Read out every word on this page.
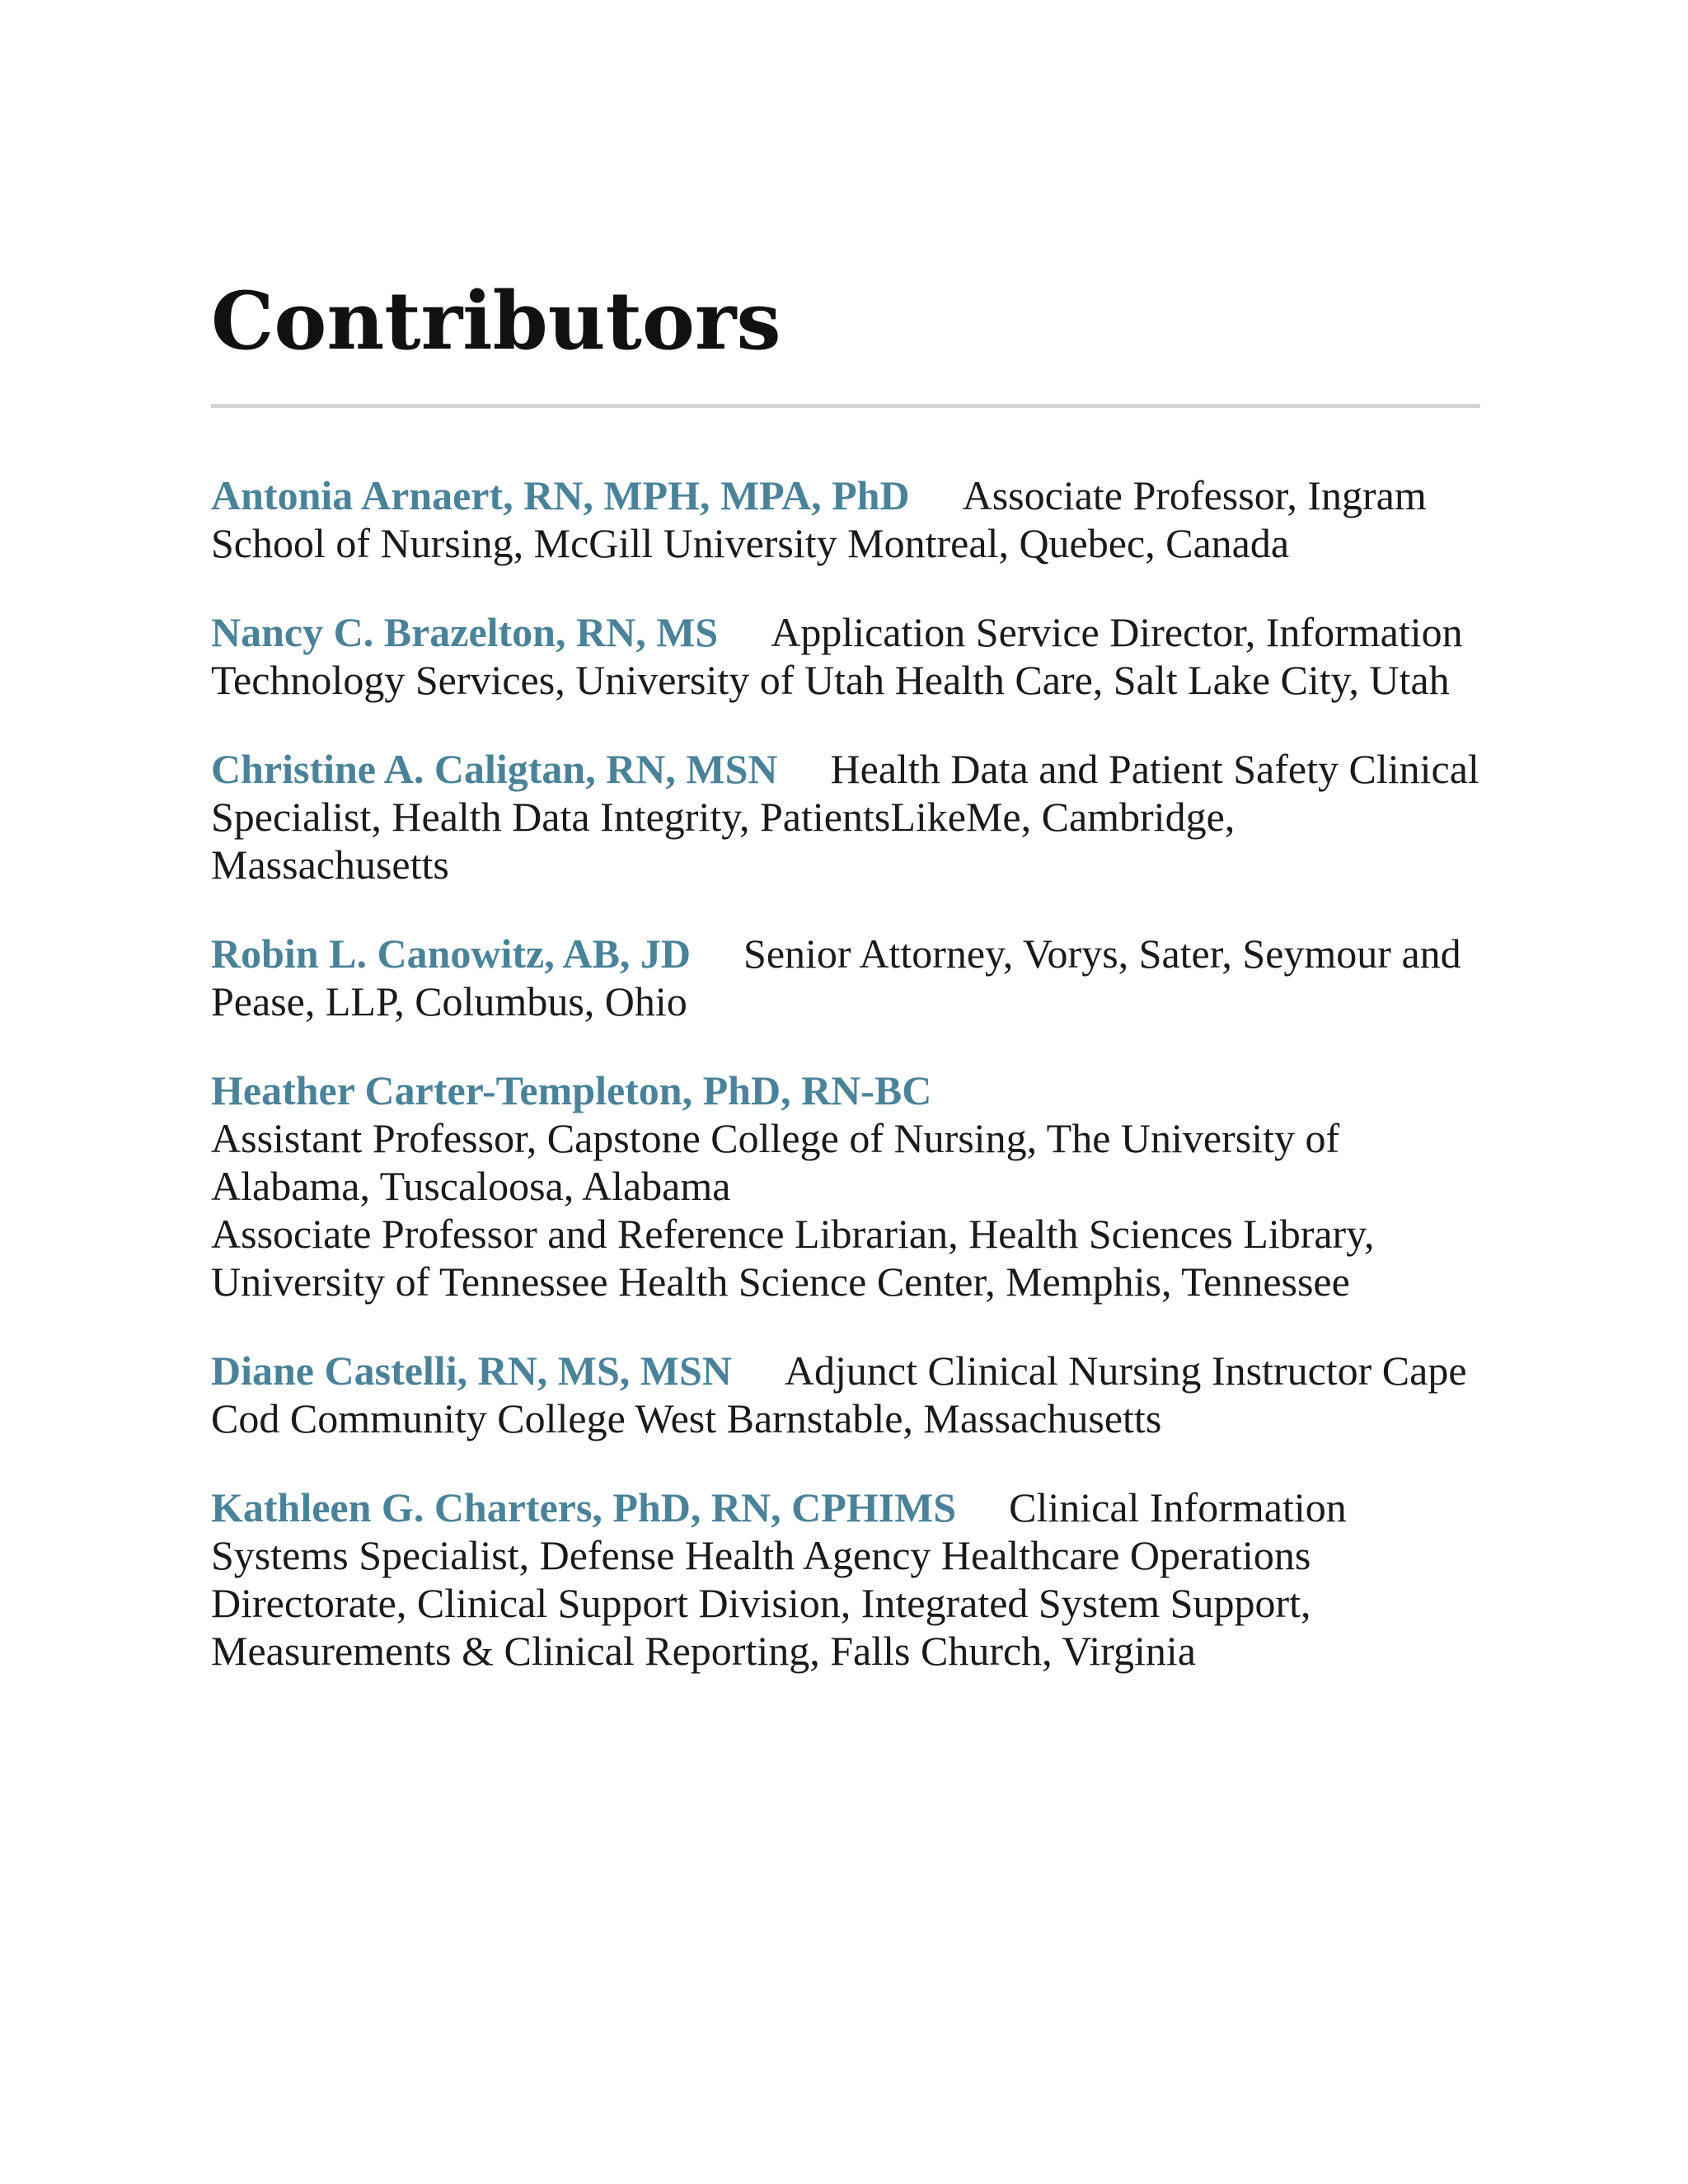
Contributors

Antonia Arnaert, RN, MPH, MPA, PhD Associate Professor, Ingram School of Nursing, McGill University Montreal, Quebec, Canada

Nancy C. Brazelton, RN, MS Application Service Director, Information Technology Services, University of Utah Health Care, Salt Lake City, Utah

Christine A. Caligtan, RN, MSN Health Data and Patient Safety Clinical Specialist, Health Data Integrity, PatientsLikeMe, Cambridge, Massachusetts

Robin L. Canowitz, AB, JD Senior Attorney, Vorys, Sater, Seymour and Pease, LLP, Columbus, Ohio

Heather Carter-Templeton, PhD, RN-BC
Assistant Professor, Capstone College of Nursing, The University of Alabama, Tuscaloosa, Alabama
Associate Professor and Reference Librarian, Health Sciences Library, University of Tennessee Health Science Center, Memphis, Tennessee

Diane Castelli, RN, MS, MSN Adjunct Clinical Nursing Instructor Cape Cod Community College West Barnstable, Massachusetts

Kathleen G. Charters, PhD, RN, CPHIMS Clinical Information Systems Specialist, Defense Health Agency Healthcare Operations Directorate, Clinical Support Division, Integrated System Support, Measurements & Clinical Reporting, Falls Church, Virginia
